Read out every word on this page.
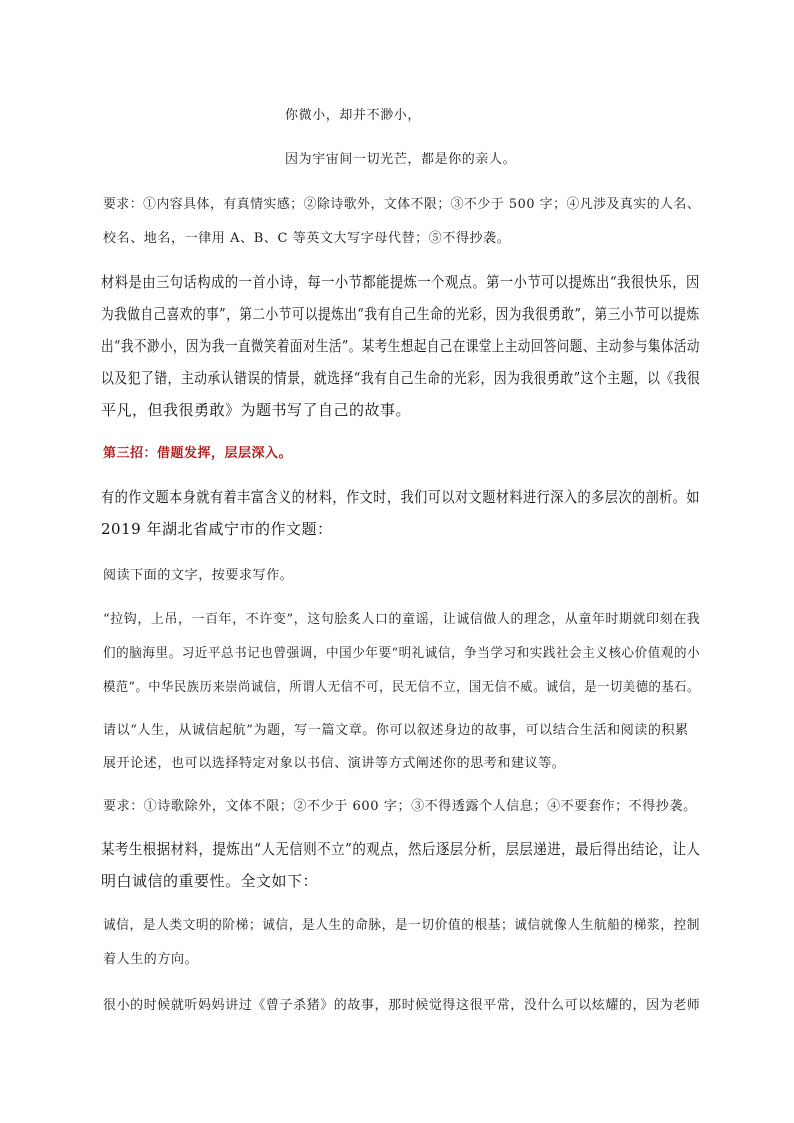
你微小，却并不渺小，
因为宇宙间一切光芒，都是你的亲人。
要求：①内容具体，有真情实感；②除诗歌外，文体不限；③不少于 500 字；④凡涉及真实的人名、
校名、地名，一律用 A、B、C 等英文大写字母代替；⑤不得抄袭。
材料是由三句话构成的一首小诗，每一小节都能提炼一个观点。第一小节可以提炼出“我很快乐，因
为我做自己喜欢的事”，第二小节可以提炼出“我有自己生命的光彩，因为我很勇敢”，第三小节可以提炼
出“我不渺小，因为我一直微笑着面对生活”。某考生想起自己在课堂上主动回答问题、主动参与集体活动
以及犯了错，主动承认错误的情景，就选择“我有自己生命的光彩，因为我很勇敢”这个主题，以《我很
平凡，但我很勇敢》为题书写了自己的故事。
第三招：借题发挥，层层深入。
有的作文题本身就有着丰富含义的材料，作文时，我们可以对文题材料进行深入的多层次的剖析。如
2019 年湖北省咸宁市的作文题：
阅读下面的文字，按要求写作。
“拉钩，上吊，一百年，不许变”，这句脍炙人口的童谣，让诚信做人的理念，从童年时期就印刻在我
们的脑海里。习近平总书记也曾强调，中国少年要“明礼诚信，争当学习和实践社会主义核心价值观的小
模范”。中华民族历来崇尚诚信，所谓人无信不可，民无信不立，国无信不威。诚信，是一切美德的基石。
请以“人生，从诚信起航”为题，写一篇文章。你可以叙述身边的故事，可以结合生活和阅读的积累
展开论述，也可以选择特定对象以书信、演讲等方式阐述你的思考和建议等。
要求：①诗歌除外，文体不限；②不少于 600 字；③不得透露个人信息；④不要套作；不得抄袭。
某考生根据材料，提炼出“人无信则不立”的观点，然后逐层分析，层层递进，最后得出结论，让人
明白诚信的重要性。全文如下：
诚信，是人类文明的阶梯；诚信，是人生的命脉，是一切价值的根基；诚信就像人生航船的梯浆，控制
着人生的方向。
很小的时候就听妈妈讲过《曾子杀猪》的故事，那时候觉得这很平常，没什么可以炫耀的，因为老师
